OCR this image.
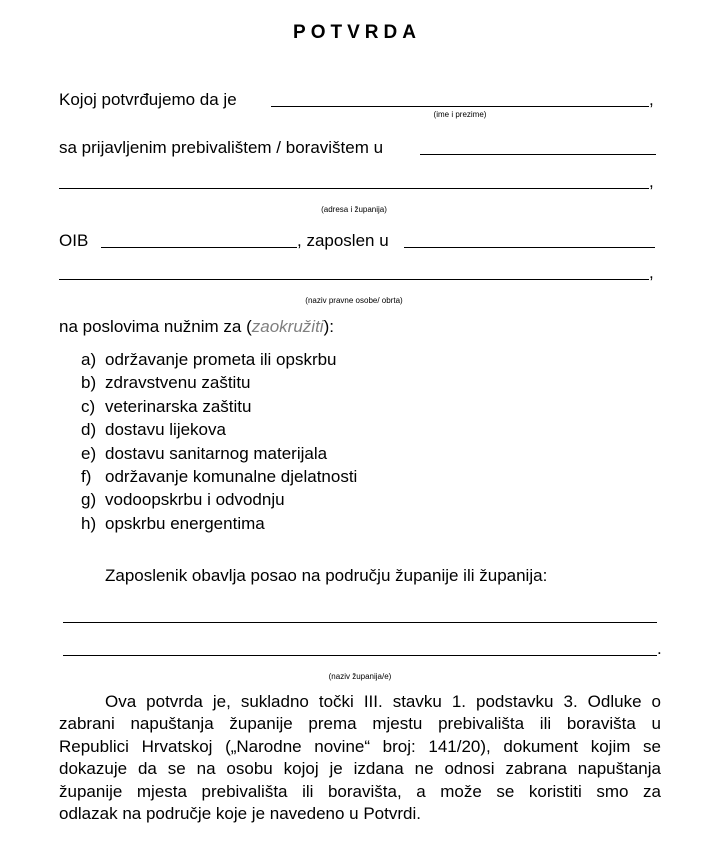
POTVRDA
Kojoj potvrđujemo da je	,
(ime i prezime)
sa prijavljenim prebivalištem / boravištem u
,
(adresa i županija)
OIB	, zaposlen u
,
(naziv pravne osobe/ obrta)
na poslovima nužnim za (zaokružiti):
a) održavanje prometa ili opskrbu
b) zdravstvenu zaštitu
c) veterinarska zaštitu
d) dostavu lijekova
e) dostavu sanitarnog materijala
f) održavanje komunalne djelatnosti
g) vodoopskrbu i odvodnju
h) opskrbu energentima
Zaposlenik obavlja posao na području županije ili županija:
.
(naziv županija/e)
Ova potvrda je, sukladno točki III. stavku 1. podstavku 3. Odluke o
zabrani napuštanja županije prema mjestu prebivališta ili boravišta u
Republici Hrvatskoj („Narodne novine“ broj: 141/20), dokument kojim se
dokazuje da se na osobu kojoj je izdana ne odnosi zabrana napuštanja
županije mjesta prebivališta ili boravišta, a može se koristiti smo za
odlazak na područje koje je navedeno u Potvrdi.
